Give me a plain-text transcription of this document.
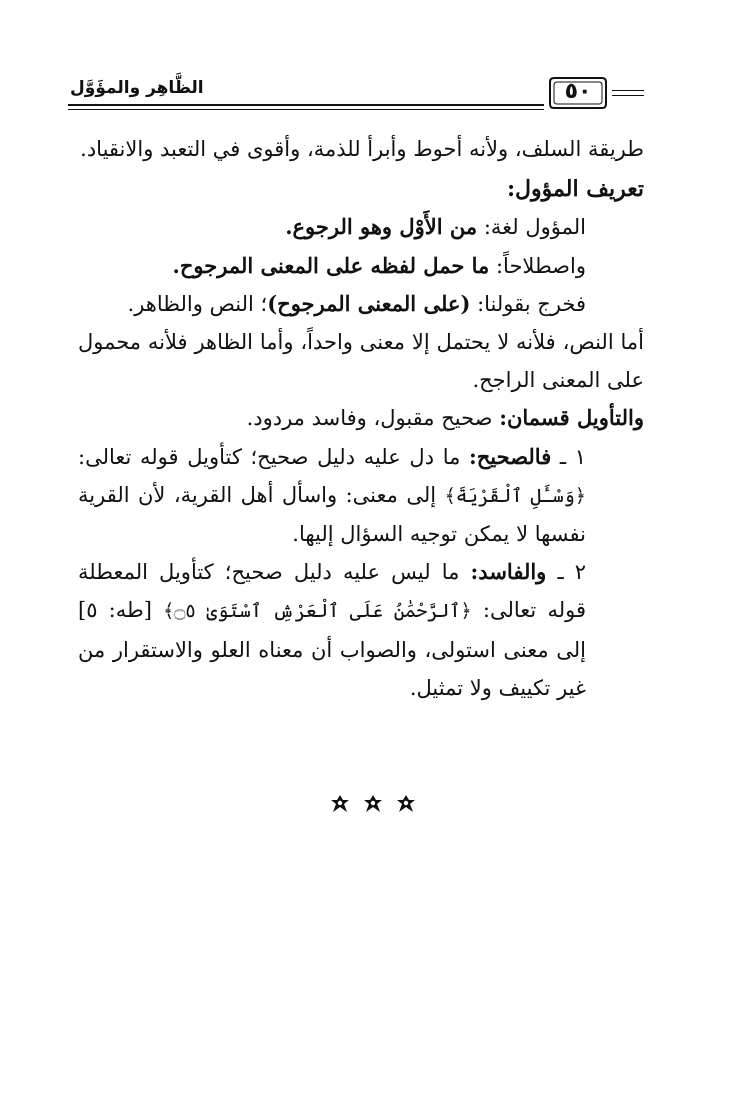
الظَّاهِر والمؤَوَّل	٥٠

طريقة السلف، ولأنه أحوط وأبرأ للذمة، وأقوى في التعبد والانقياد.

تعريف المؤول:

المؤول لغة: من الأَوْل وهو الرجوع.

واصطلاحاً: ما حمل لفظه على المعنى المرجوح.

فخرج بقولنا: (على المعنى المرجوح)؛ النص والظاهر.

أما النص، فلأنه لا يحتمل إلا معنى واحداً، وأما الظاهر فلأنه محمول على المعنى الراجح.

والتأويل قسمان: صحيح مقبول، وفاسد مردود.

١ ـ فالصحيح: ما دل عليه دليل صحيح؛ كتأويل قوله تعالى: ﴿وَسْـَٔلِ ٱلْقَرْيَةَ﴾ إلى معنى: واسأل أهل القرية، لأن القرية نفسها لا يمكن توجيه السؤال إليها.

٢ ـ والفاسد: ما ليس عليه دليل صحيح؛ كتأويل المعطلة قوله تعالى: ﴿ٱلرَّحْمَٰنُ عَلَى ٱلْعَرْشِ ٱسْتَوَىٰ ۝٥﴾ [طه: ٥] إلى معنى استولى، والصواب أن معناه العلو والاستقرار من غير تكييف ولا تمثيل.
